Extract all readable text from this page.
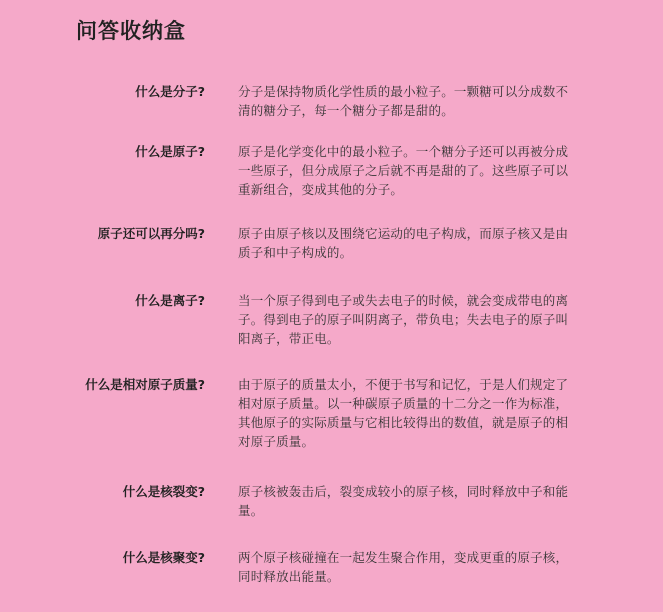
问答收纳盒
什么是分子?	分子是保持物质化学性质的最小粒子。一颗糖可以分成数不清的糖分子，每一个糖分子都是甜的。
什么是原子?	原子是化学变化中的最小粒子。一个糖分子还可以再被分成一些原子，但分成原子之后就不再是甜的了。这些原子可以重新组合，变成其他的分子。
原子还可以再分吗?	原子由原子核以及围绕它运动的电子构成，而原子核又是由质子和中子构成的。
什么是离子?	当一个原子得到电子或失去电子的时候，就会变成带电的离子。得到电子的原子叫阴离子，带负电；失去电子的原子叫阳离子，带正电。
什么是相对原子质量?	由于原子的质量太小，不便于书写和记忆，于是人们规定了相对原子质量。以一种碳原子质量的十二分之一作为标准，其他原子的实际质量与它相比较得出的数值，就是原子的相对原子质量。
什么是核裂变?	原子核被轰击后，裂变成较小的原子核，同时释放中子和能量。
什么是核聚变?	两个原子核碰撞在一起发生聚合作用，变成更重的原子核，同时释放出能量。
